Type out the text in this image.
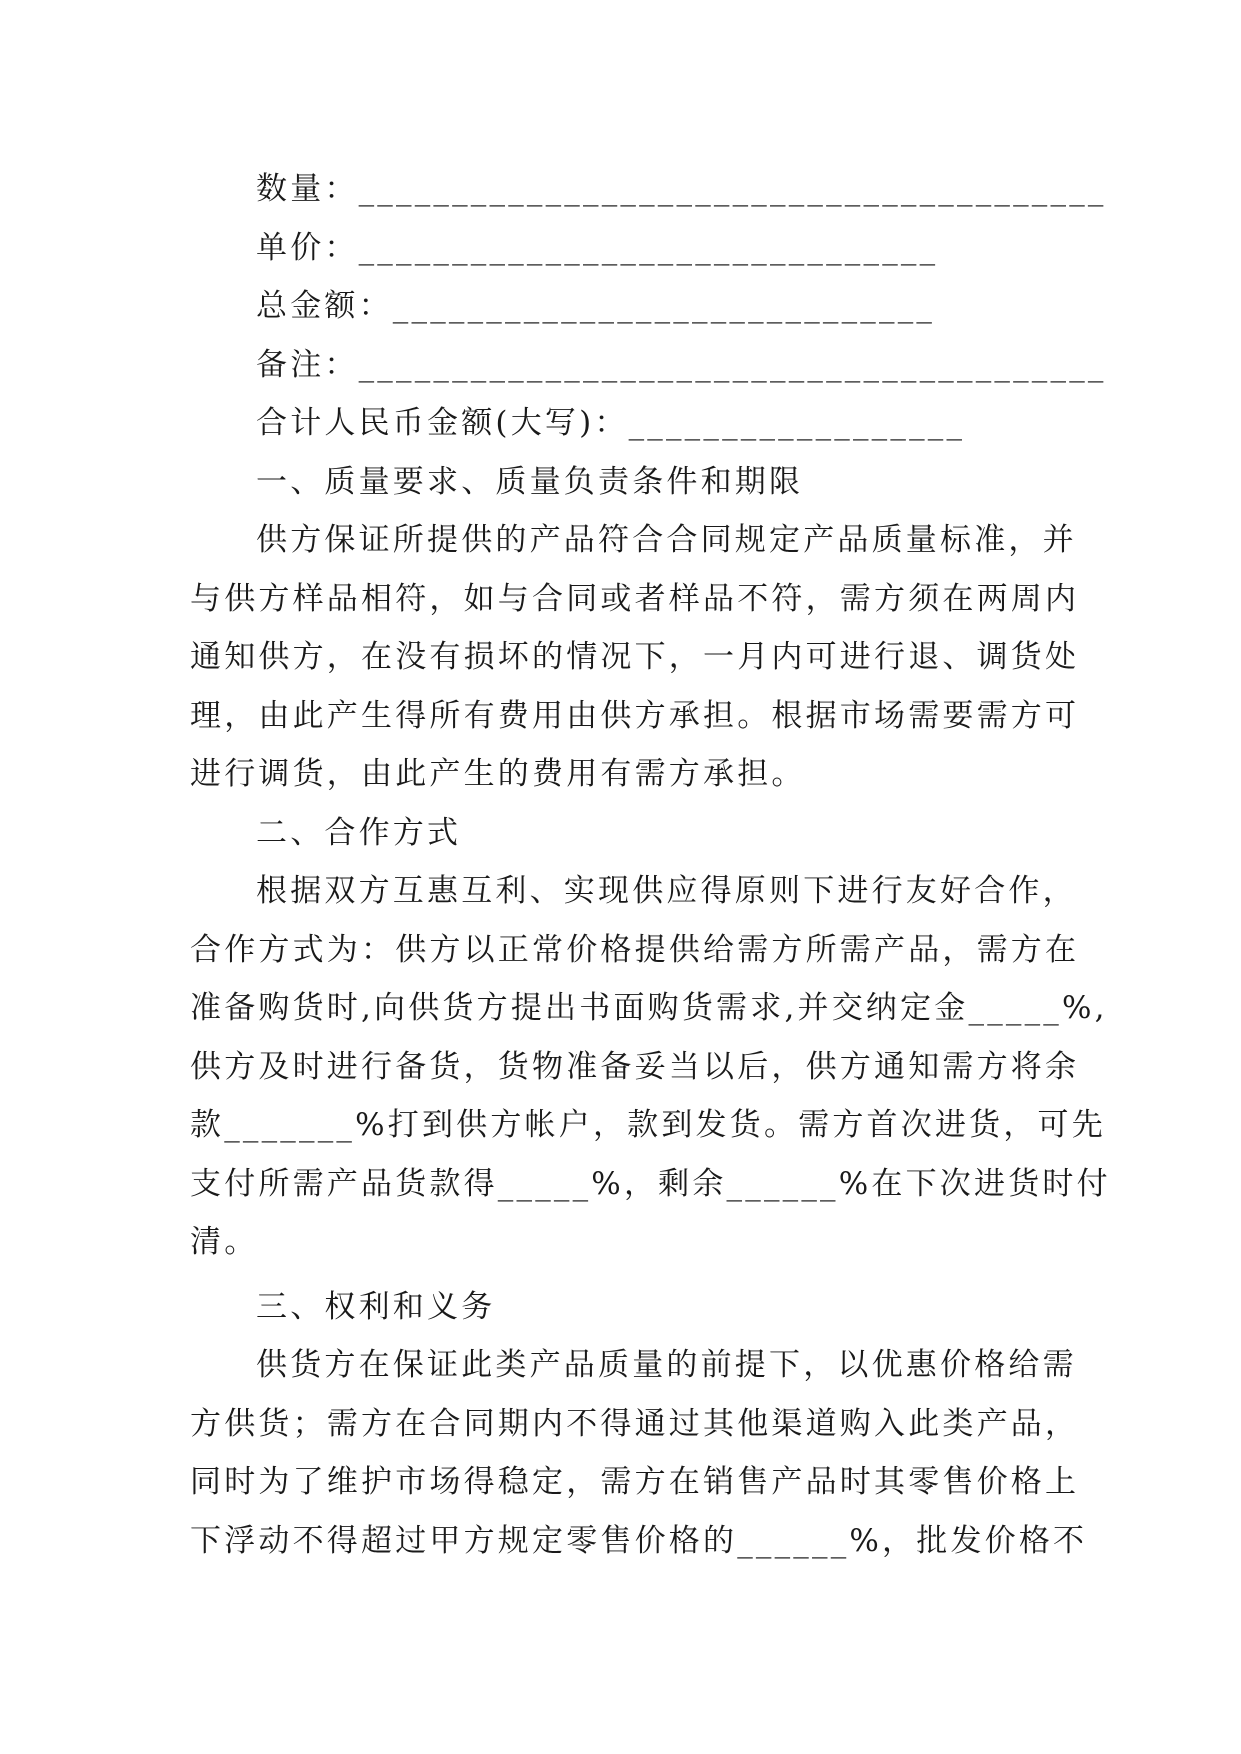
数量：________________________________________
单价：_______________________________
总金额：_____________________________
备注：________________________________________
合计人民币金额(大写)：__________________
一、质量要求、质量负责条件和期限
供方保证所提供的产品符合合同规定产品质量标准，并
与供方样品相符，如与合同或者样品不符，需方须在两周内
通知供方，在没有损坏的情况下，一月内可进行退、调货处
理，由此产生得所有费用由供方承担。根据市场需要需方可
进行调货，由此产生的费用有需方承担。
二、合作方式
根据双方互惠互利、实现供应得原则下进行友好合作，
合作方式为：供方以正常价格提供给需方所需产品，需方在
准备购货时,向供货方提出书面购货需求,并交纳定金_____%,
供方及时进行备货，货物准备妥当以后，供方通知需方将余
款_______%打到供方帐户，款到发货。需方首次进货，可先
支付所需产品货款得_____%，剩余______%在下次进货时付
清。
三、权利和义务
供货方在保证此类产品质量的前提下，以优惠价格给需
方供货；需方在合同期内不得通过其他渠道购入此类产品，
同时为了维护市场得稳定，需方在销售产品时其零售价格上
下浮动不得超过甲方规定零售价格的______%，批发价格不
